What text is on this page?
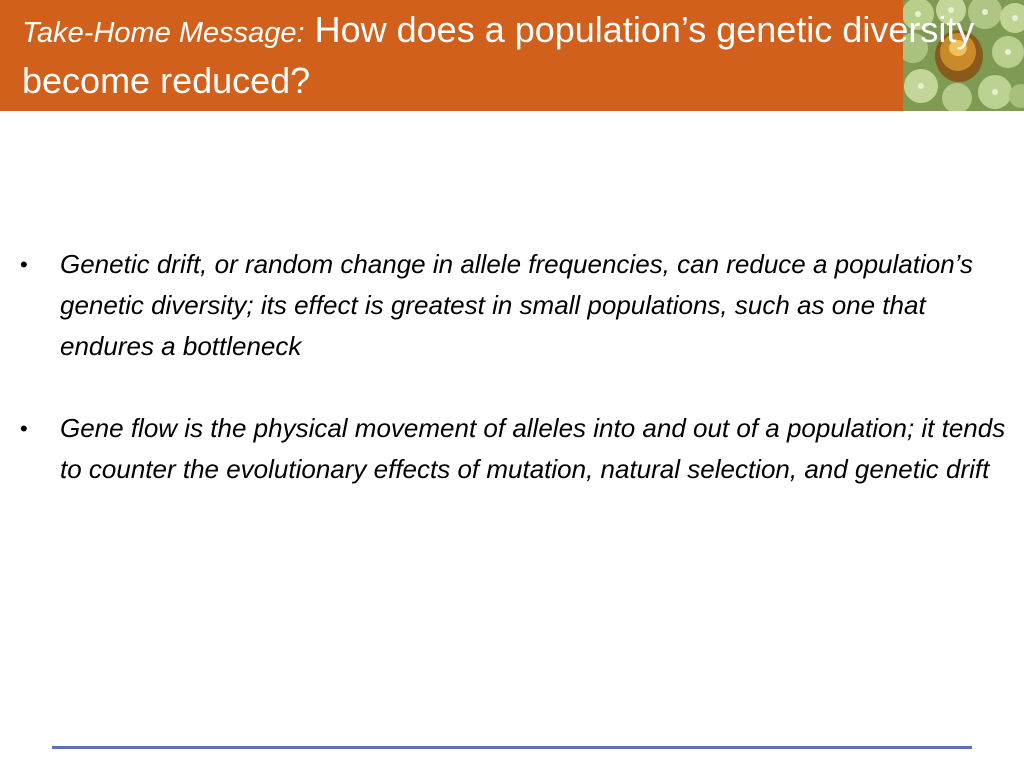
Take-Home Message: How does a population’s genetic diversity become reduced?
• Genetic drift, or random change in allele frequencies, can reduce a population’s genetic diversity; its effect is greatest in small populations, such as one that endures a bottleneck
• Gene flow is the physical movement of alleles into and out of a population; it tends to counter the evolutionary effects of mutation, natural selection, and genetic drift
